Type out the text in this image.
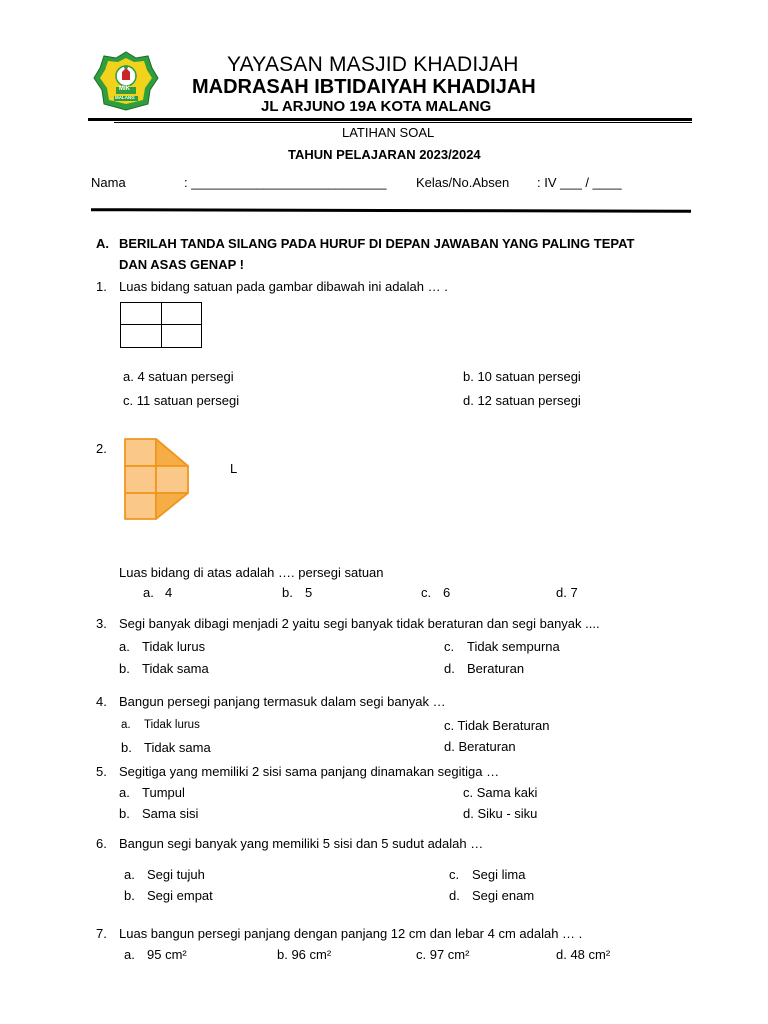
MIK
MALANG
YAYASAN MASJID KHADIJAH
MADRASAH IBTIDAIYAH KHADIJAH
JL ARJUNO 19A KOTA MALANG
LATIHAN SOAL
TAHUN PELAJARAN 2023/2024
Nama	: ___________________________ Kelas/No.Absen : IV ___ / ____
A. BERILAH TANDA SILANG PADA HURUF DI DEPAN JAWABAN YANG PALING TEPAT
DAN ASAS GENAP !
1. Luas bidang satuan pada gambar dibawah ini adalah … .
a. 4 satuan persegi	b. 10 satuan persegi
c. 11 satuan persegi	d. 12 satuan persegi
2.
L
Luas bidang di atas adalah …. persegi satuan
a. 4	b. 5	c. 6	d. 7
3. Segi banyak dibagi menjadi 2 yaitu segi banyak tidak beraturan dan segi banyak ....
a. Tidak lurus	c. Tidak sempurna
b. Tidak sama	d. Beraturan
4. Bangun persegi panjang termasuk dalam segi banyak …
a. Tidak lurus	c. Tidak Beraturan
b. Tidak sama	d. Beraturan
5. Segitiga yang memiliki 2 sisi sama panjang dinamakan segitiga …
a. Tumpul	c. Sama kaki
b. Sama sisi	d. Siku - siku
6. Bangun segi banyak yang memiliki 5 sisi dan 5 sudut adalah …
a. Segi tujuh	c. Segi lima
b. Segi empat	d. Segi enam
7. Luas bangun persegi panjang dengan panjang 12 cm dan lebar 4 cm adalah … .
a. 95 cm²	b. 96 cm²	c. 97 cm²	d. 48 cm²
